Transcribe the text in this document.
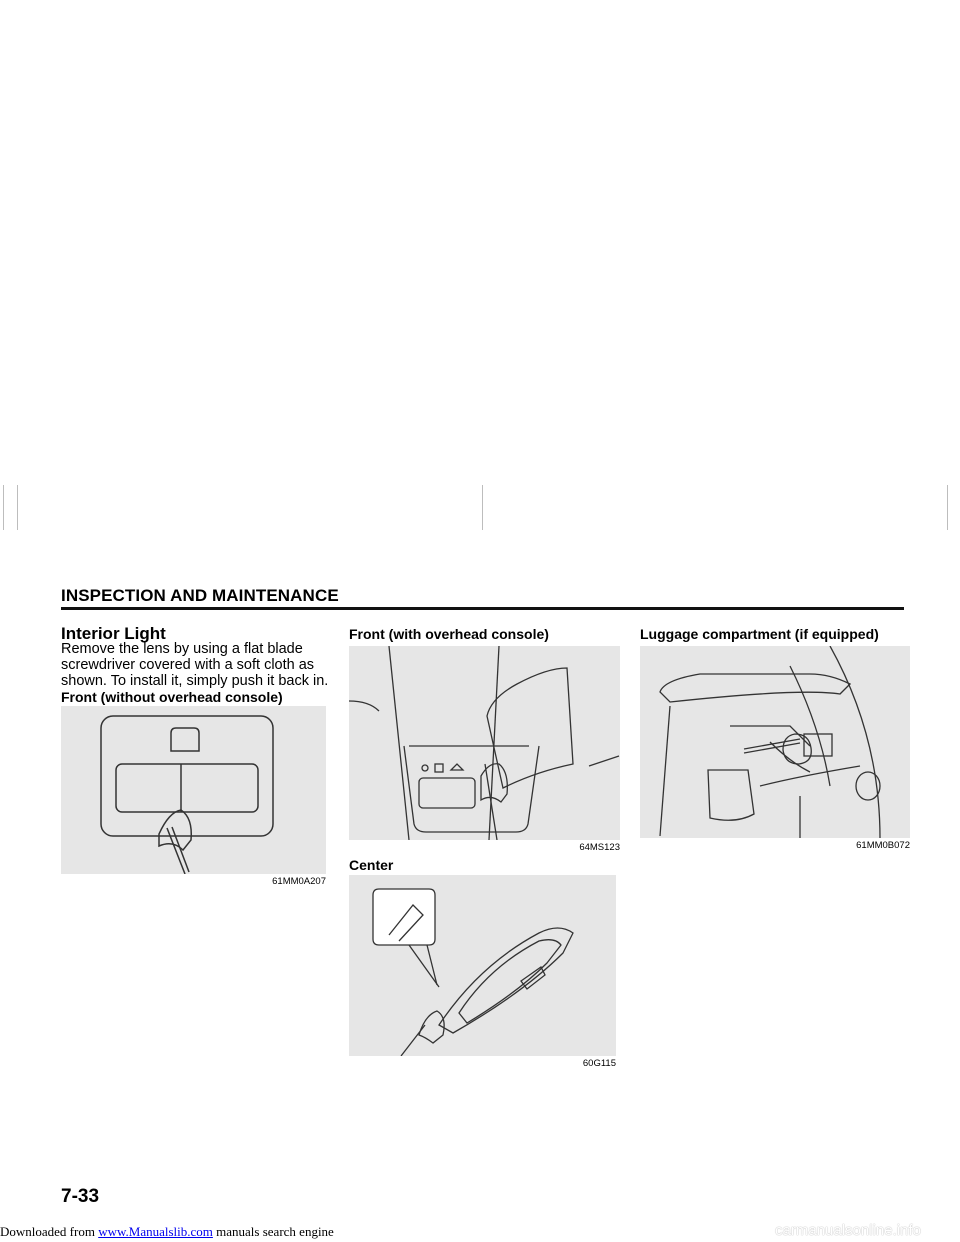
INSPECTION AND MAINTENANCE
Interior Light
Remove the lens by using a flat blade
screwdriver covered with a soft cloth as
shown. To install it, simply push it back in.
Front (without overhead console)
61MM0A207
Front (with overhead console)
64MS123
Center
60G115
Luggage compartment (if equipped)
61MM0B072
7-33
Downloaded from www.Manualslib.com manuals search engine	carmanualsonline.info
